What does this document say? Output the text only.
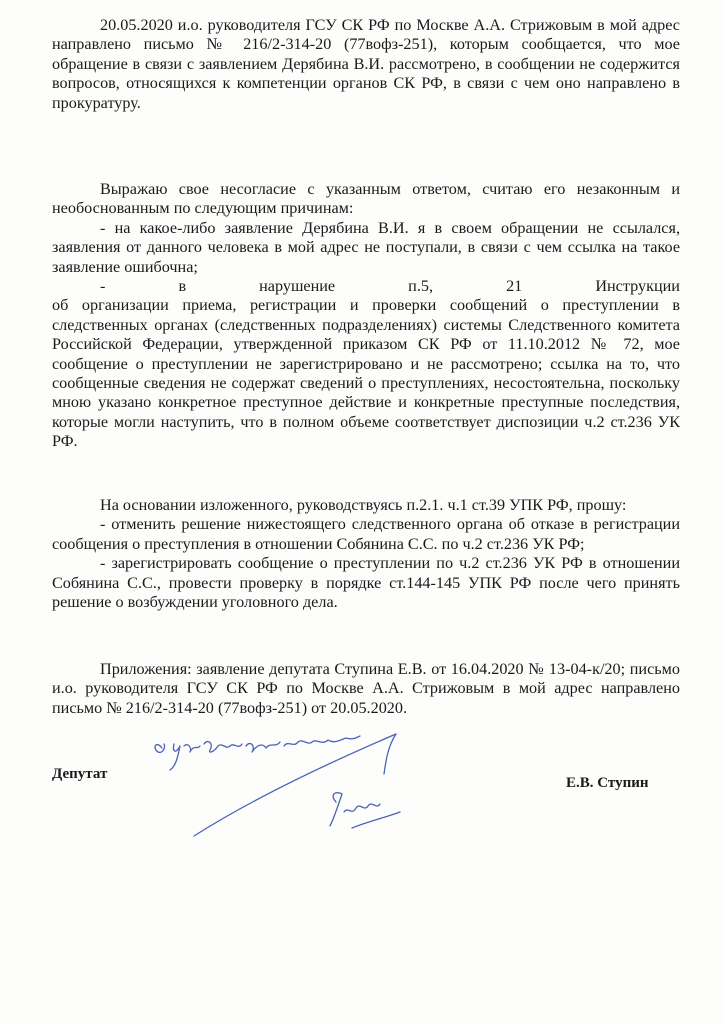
20.05.2020 и.о. руководителя ГСУ СК РФ по Москве А.А. Стрижовым в мой адрес направлено письмо № 216/2-314-20 (77вофз-251), которым сообщается, что мое обращение в связи с заявлением Дерябина В.И. рассмотрено, в сообщении не содержится вопросов, относящихся к компетенции органов СК РФ, в связи с чем оно направлено в прокуратуру.

Выражаю свое несогласие с указанным ответом, считаю его незаконным и необоснованным по следующим причинам:

- на какое-либо заявление Дерябина В.И. я в своем обращении не ссылался, заявления от данного человека в мой адрес не поступали, в связи с чем ссылка на такое заявление ошибочна;

-	в	нарушение	п.5,	21	Инструкции

об организации приема, регистрации и проверки сообщений о преступлении в следственных органах (следственных подразделениях) системы Следственного комитета Российской Федерации, утвержденной приказом СК РФ от 11.10.2012 № 72, мое сообщение о преступлении не зарегистрировано и не рассмотрено; ссылка на то, что сообщенные сведения не содержат сведений о преступлениях, несостоятельна, поскольку мною указано конкретное преступное действие и конкретные преступные последствия, которые могли наступить, что в полном объеме соответствует диспозиции ч.2 ст.236 УК РФ.

На основании изложенного, руководствуясь п.2.1. ч.1 ст.39 УПК РФ, прошу:

- отменить решение нижестоящего следственного органа об отказе в регистрации сообщения о преступления в отношении Собянина С.С. по ч.2 ст.236 УК РФ;

- зарегистрировать сообщение о преступлении по ч.2 ст.236 УК РФ в отношении Собянина С.С., провести проверку в порядке ст.144-145 УПК РФ после чего принять решение о возбуждении уголовного дела.

Приложения: заявление депутата Ступина Е.В. от 16.04.2020 № 13-04-к/20; письмо и.о. руководителя ГСУ СК РФ по Москве А.А. Стрижовым в мой адрес направлено письмо № 216/2-314-20 (77вофз-251) от 20.05.2020.

Депутат
Е.В. Ступин
